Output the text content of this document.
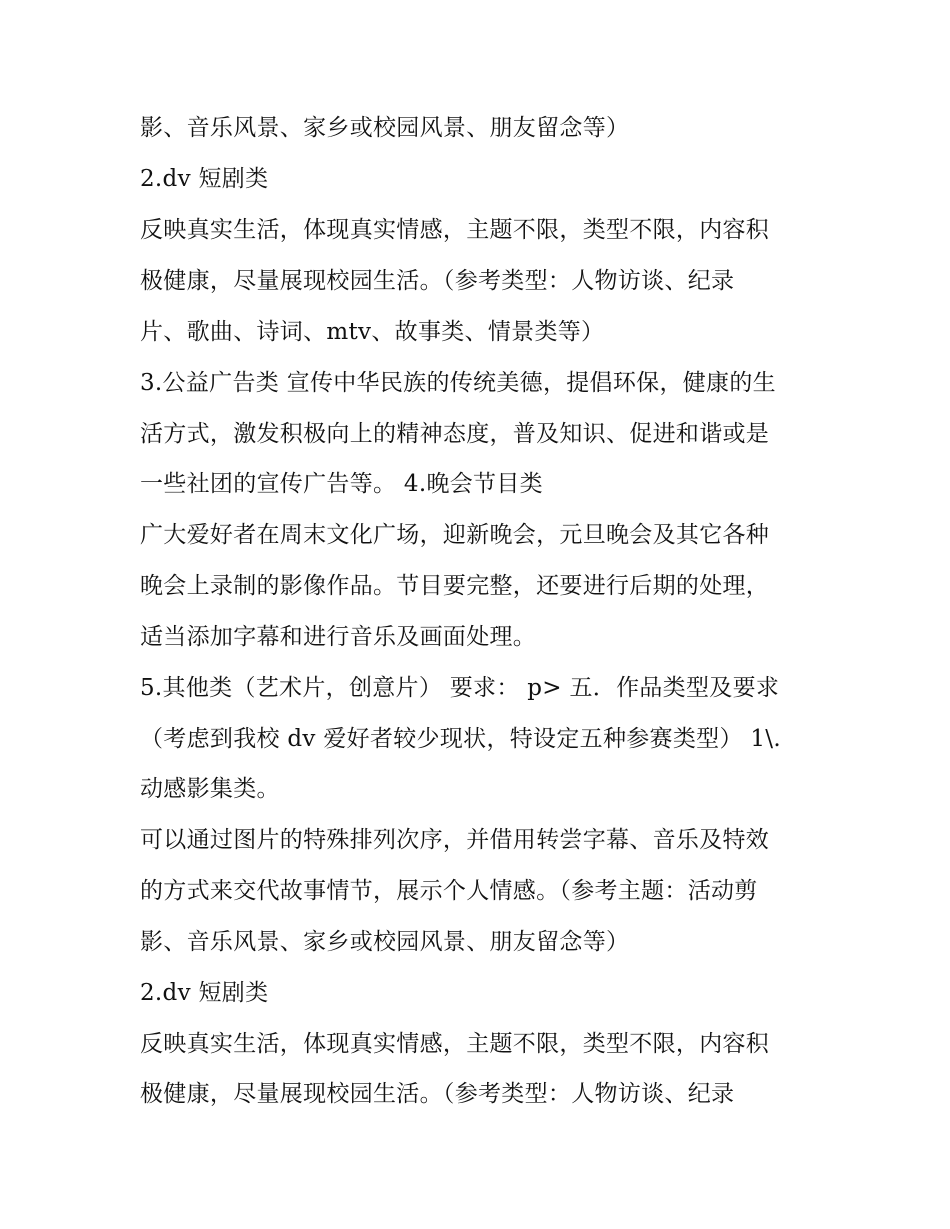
影、音乐风景、家乡或校园风景、朋友留念等）
2.dv 短剧类
反映真实生活，体现真实情感，主题不限，类型不限，内容积
极健康，尽量展现校园生活。（参考类型：人物访谈、纪录
片、歌曲、诗词、mtv、故事类、情景类等）
3.公益广告类 宣传中华民族的传统美德，提倡环保，健康的生
活方式，激发积极向上的精神态度，普及知识、促进和谐或是
一些社团的宣传广告等。 4.晚会节目类
广大爱好者在周末文化广场，迎新晚会，元旦晚会及其它各种
晚会上录制的影像作品。节目要完整，还要进行后期的处理，
适当添加字幕和进行音乐及画面处理。
5.其他类（艺术片，创意片） 要求： p> 五．作品类型及要求
（考虑到我校 dv 爱好者较少现状，特设定五种参赛类型） 1\.
动感影集类。
可以通过图片的特殊排列次序，并借用转尝字幕、音乐及特效
的方式来交代故事情节，展示个人情感。（参考主题：活动剪
影、音乐风景、家乡或校园风景、朋友留念等）
2.dv 短剧类
反映真实生活，体现真实情感，主题不限，类型不限，内容积
极健康，尽量展现校园生活。（参考类型：人物访谈、纪录
